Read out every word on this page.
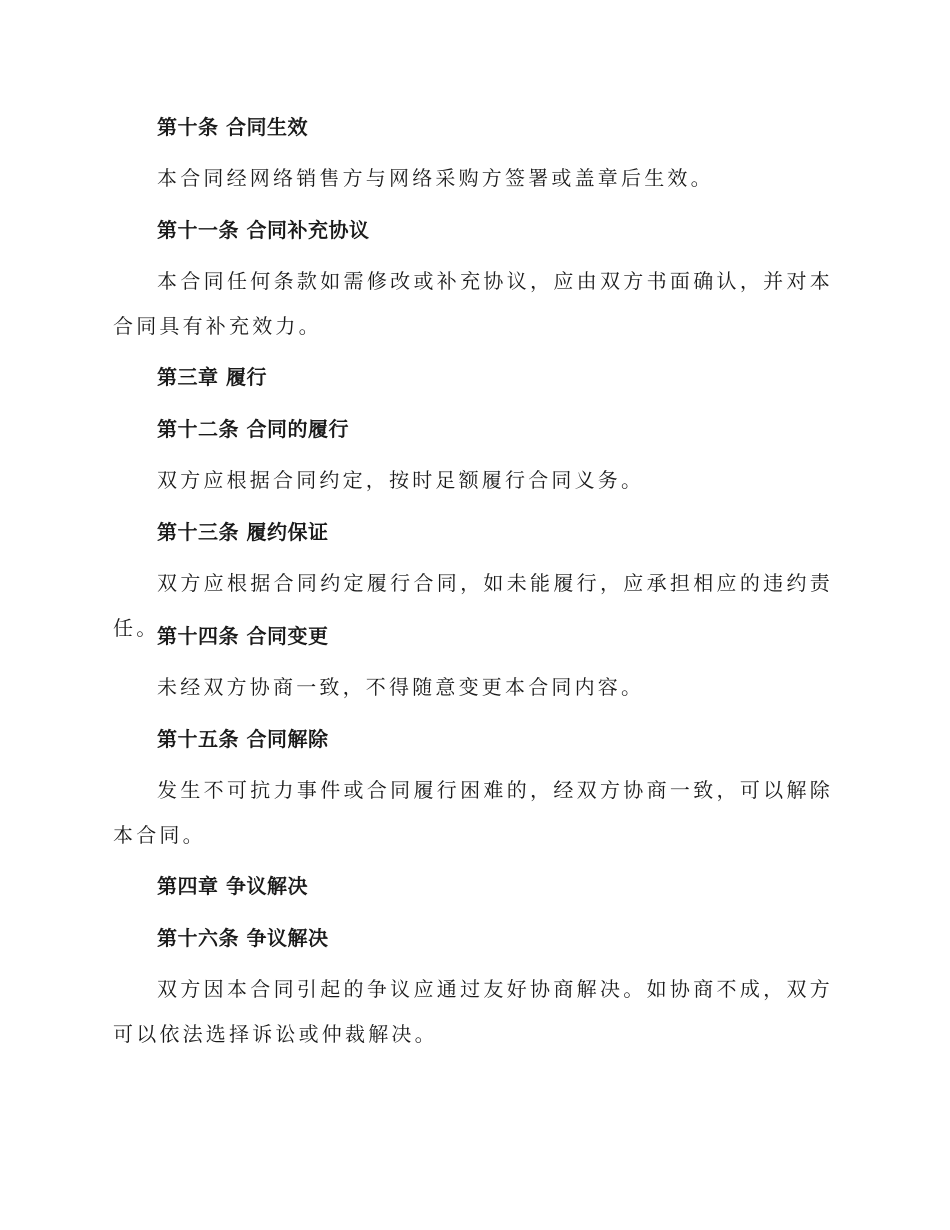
第十条 合同生效

本合同经网络销售方与网络采购方签署或盖章后生效。

第十一条 合同补充协议

本合同任何条款如需修改或补充协议，应由双方书面确认，并对本合同具有补充效力。

第三章 履行

第十二条 合同的履行

双方应根据合同约定，按时足额履行合同义务。

第十三条 履约保证

双方应根据合同约定履行合同，如未能履行，应承担相应的违约责任。

第十四条 合同变更

未经双方协商一致，不得随意变更本合同内容。

第十五条 合同解除

发生不可抗力事件或合同履行困难的，经双方协商一致，可以解除本合同。

第四章 争议解决

第十六条 争议解决

双方因本合同引起的争议应通过友好协商解决。如协商不成，双方可以依法选择诉讼或仲裁解决。
